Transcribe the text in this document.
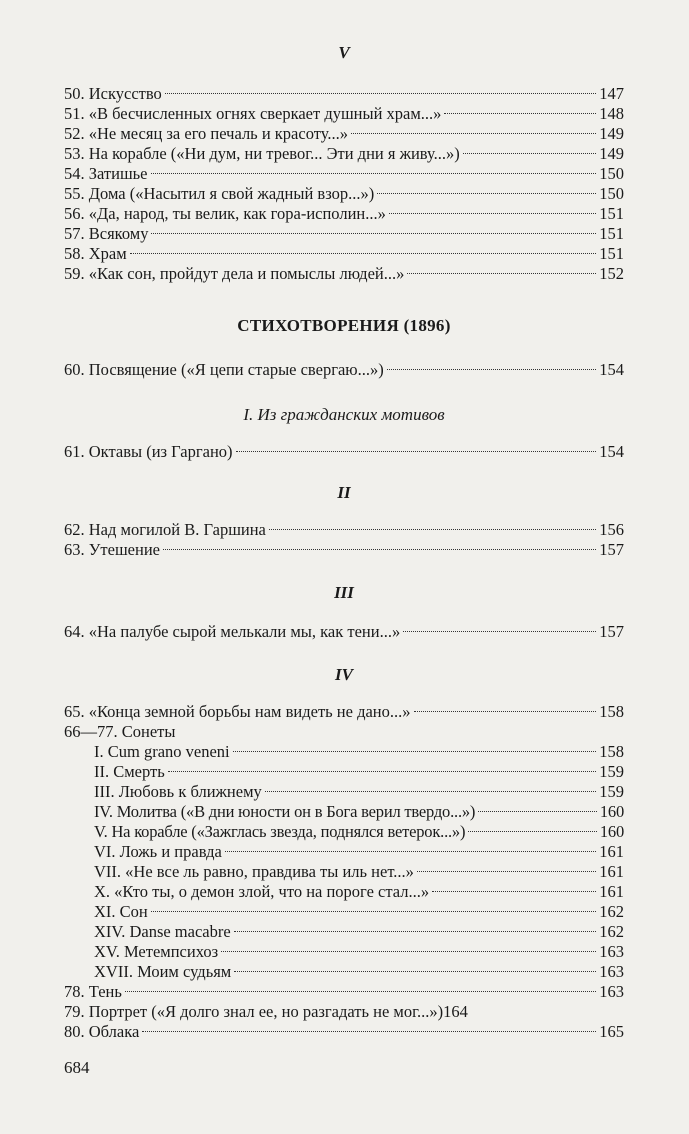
V
50. Искусство	147
51. «В бесчисленных огнях сверкает душный храм...»	148
52. «Не месяц за его печаль и красоту...»	149
53. На корабле («Ни дум, ни тревог... Эти дни я живу...»)	149
54. Затишье	150
55. Дома («Насытил я свой жадный взор...»)	150
56. «Да, народ, ты велик, как гора-исполин...»	151
57. Всякому	151
58. Храм	151
59. «Как сон, пройдут дела и помыслы людей...»	152
СТИХОТВОРЕНИЯ (1896)
60. Посвящение («Я цепи старые свергаю...»)	154
I. Из гражданских мотивов
61. Октавы (из Гаргано)	154
II
62. Над могилой В. Гаршина	156
63. Утешение	157
III
64. «На палубе сырой мелькали мы, как тени...»	157
IV
65. «Конца земной борьбы нам видеть не дано...»	158
66—77. Сонеты
I. Cum grano veneni	158
II. Смерть	159
III. Любовь к ближнему	159
IV. Молитва («В дни юности он в Бога верил твердо...»)	160
V. На корабле («Зажглась звезда, поднялся ветерок...»)	160
VI. Ложь и правда	161
VII. «Не все ль равно, правдива ты иль нет...»	161
X. «Кто ты, о демон злой, что на пороге стал...»	161
XI. Сон	162
XIV. Danse macabre	162
XV. Метемпсихоз	163
XVII. Моим судьям	163
78. Тень	163
79. Портрет («Я долго знал ее, но разгадать не мог...») 164
80. Облака	165
684
